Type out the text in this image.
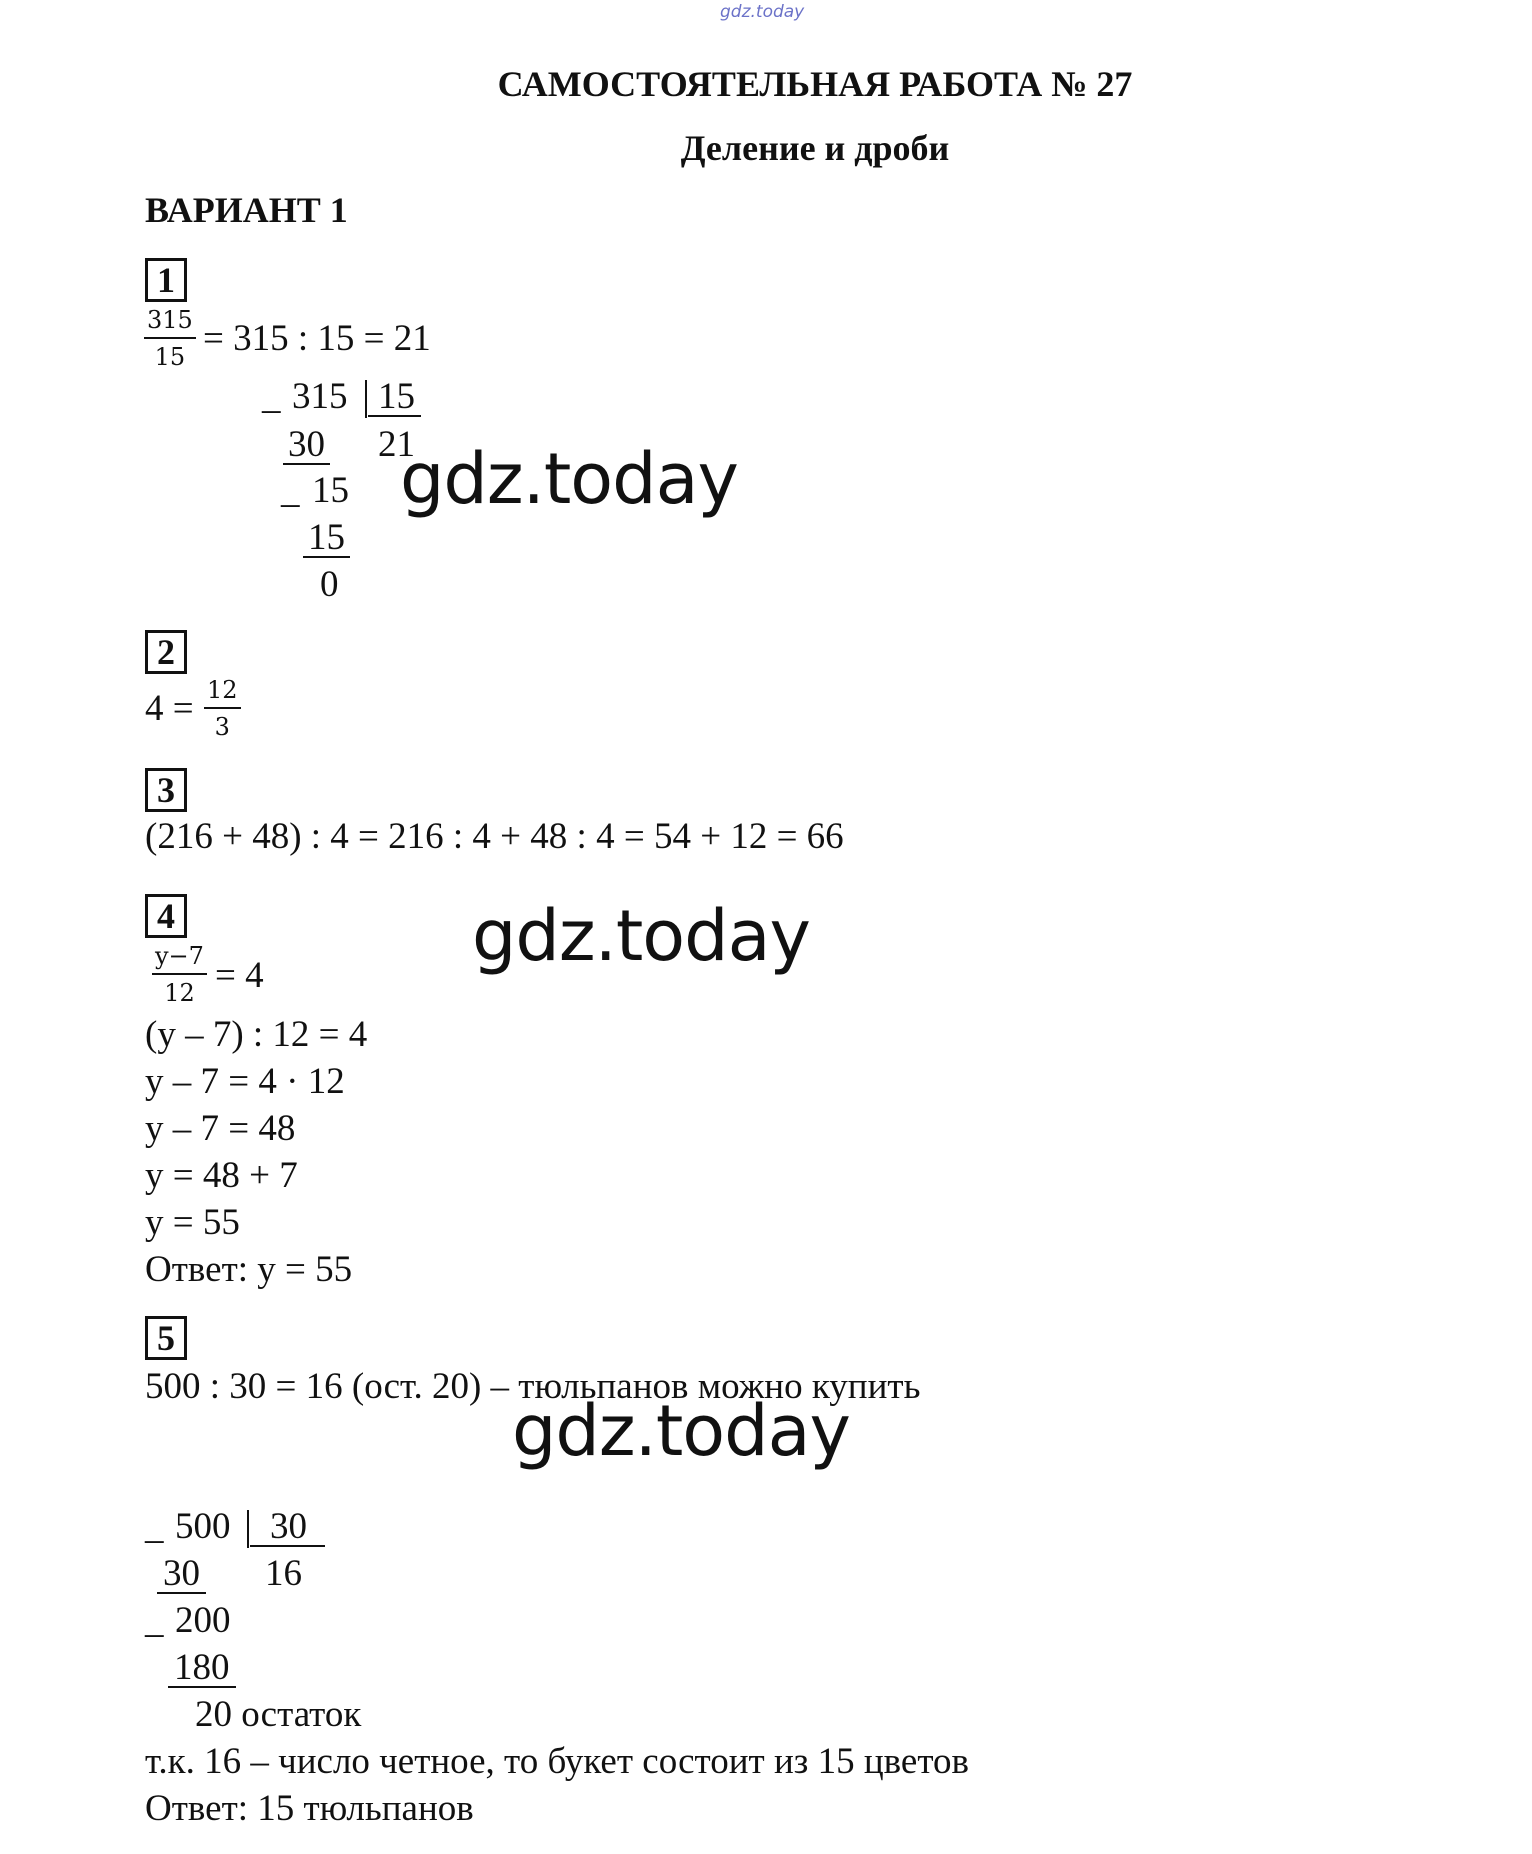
gdz.today
САМОСТОЯТЕЛЬНАЯ РАБОТА № 27
Деление и дроби
ВАРИАНТ 1
1
$\frac{315}{15} = 315$ : 15 = 21
_ 315 15
30 21
_ 15
15
0
gdz.today
2
$4 = \frac{12}{3}$
3
(216 + 48) : 4 = 216 : 4 + 48 : 4 = 54 + 12 = 66
4
$\frac{y-7}{12} = 4$	gdz.today
(y – 7) : 12 = 4
y – 7 = 4 · 12
y – 7 = 48
y = 48 + 7
y = 55
Ответ: y = 55
5
500 : 30 = 16 (ост. 20) – тюльпанов можно купить
gdz.today
_ 500	30
30 16
_ 200
180
20 остаток
т.к. 16 – число четное, то букет состоит из 15 цветов
Ответ: 15 тюльпанов
